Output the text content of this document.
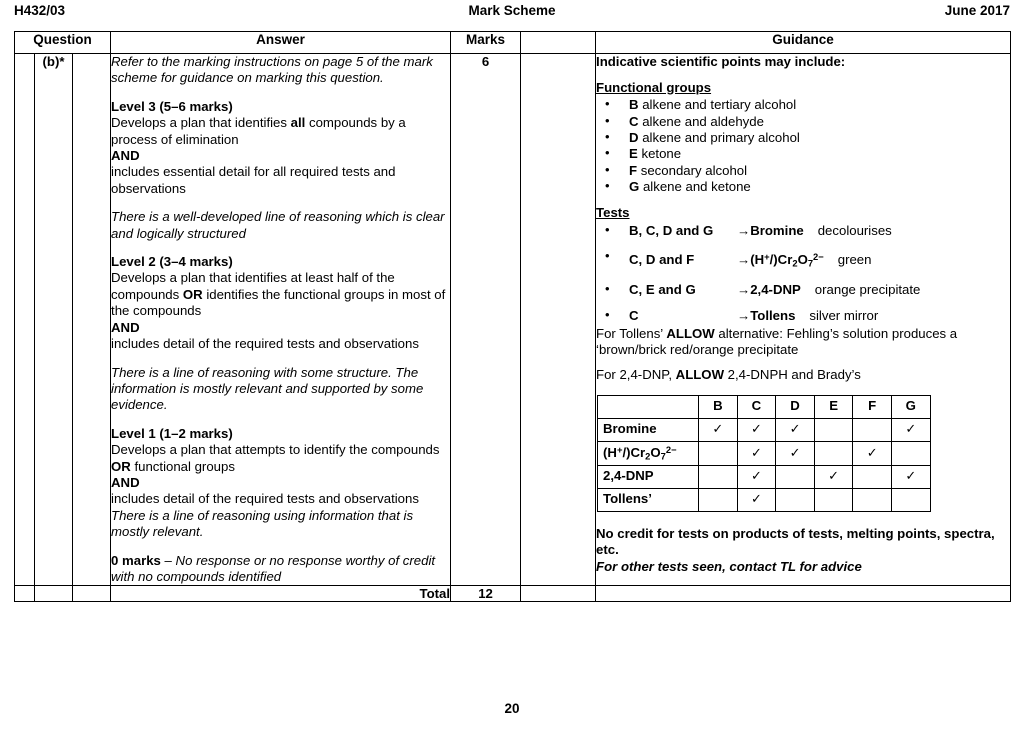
H432/03	Mark Scheme	June 2017
Question	Answer	Marks		Guidance
	(b)*		Refer to the marking instructions on page 5 of the mark scheme for guidance on marking this question.

Level 3 (5–6 marks)

Develops a plan that identifies all compounds by a process of elimination

AND

includes essential detail for all required tests and observations

There is a well-developed line of reasoning which is clear and logically structured

Level 2 (3–4 marks)

Develops a plan that identifies at least half of the compounds OR identifies the functional groups in most of the compounds

AND

includes detail of the required tests and observations

There is a line of reasoning with some structure. The information is mostly relevant and supported by some evidence.

Level 1 (1–2 marks)

Develops a plan that attempts to identify the compounds OR functional groups

AND

includes detail of the required tests and observations

There is a line of reasoning using information that is mostly relevant.

0 marks – No response or no response worthy of credit with no compounds identified

	6		Indicative scientific points may include:

Functional groups

• B alkene and tertiary alcohol
• C alkene and aldehyde
• D alkene and primary alcohol
• E ketone
• F secondary alcohol
• G alkene and ketone

Tests

• B, C, D and G →Bromine decolourises
• C, D and F	$\to(H^+/)Cr_2O_7^{2-}$ green
• C, E and G	→2,4-DNP orange precipitate
• C	→Tollens silver mirror

For Tollens’ ALLOW alternative: Fehling’s solution produces a ‘brown/brick red/orange precipitate

For 2,4-DNP, ALLOW 2,4-DNPH and Brady’s

	B	C	D	E	F	G
Bromine	✓	✓	✓			✓
$(H^+/)Cr_2O_7^{2-}$		✓	✓		✓	
2,4-DNP		✓		✓		✓
Tollens’		✓				

No credit for tests on products of tests, melting points, spectra, etc.

For other tests seen, contact TL for advice

			Total	12		
20
